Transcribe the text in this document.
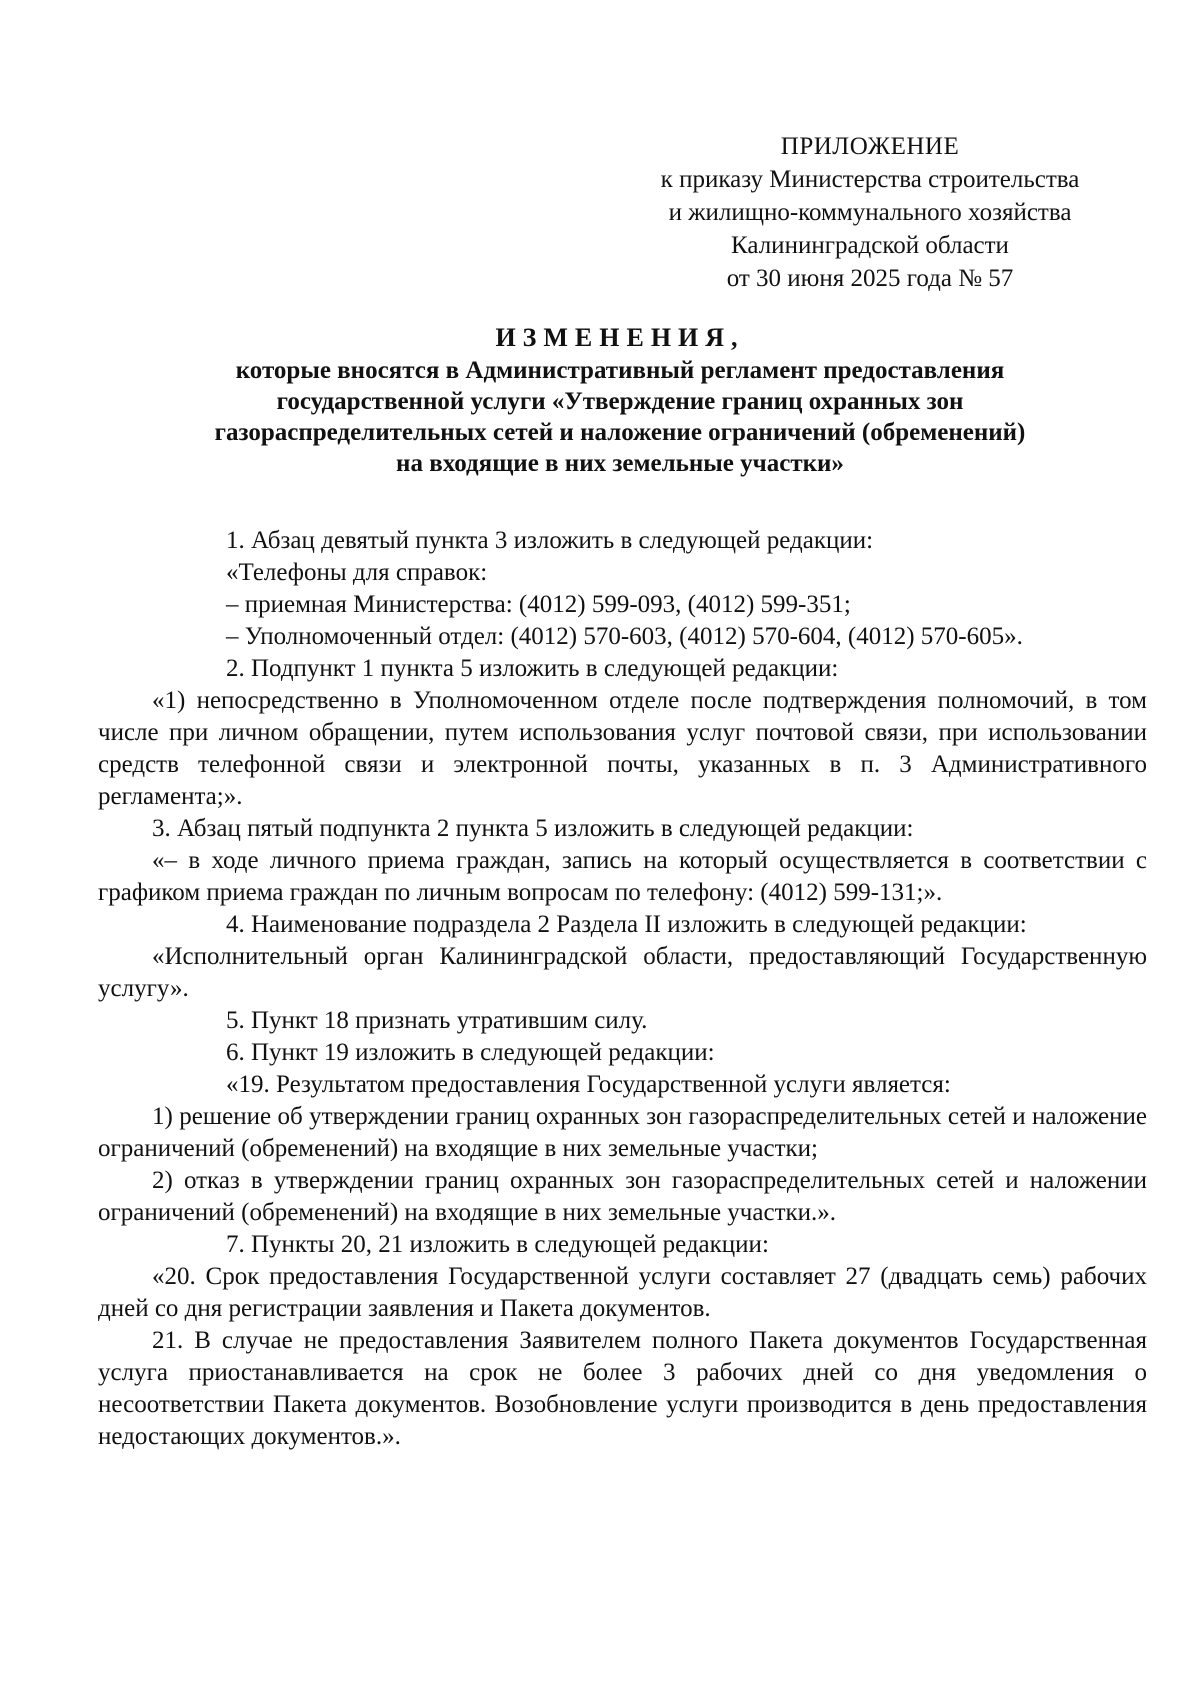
ПРИЛОЖЕНИЕ
к приказу Министерства строительства
и жилищно-коммунального хозяйства
Калининградской области
от 30 июня 2025 года № 57
ИЗМЕНЕНИЯ,
которые вносятся в Административный регламент предоставления
государственной услуги «Утверждение границ охранных зон
газораспределительных сетей и наложение ограничений (обременений)
на входящие в них земельные участки»

1. Абзац девятый пункта 3 изложить в следующей редакции:

«Телефоны для справок:

– приемная Министерства: (4012) 599-093, (4012) 599-351;

– Уполномоченный отдел: (4012) 570-603, (4012) 570-604, (4012) 570-605».

2. Подпункт 1 пункта 5 изложить в следующей редакции:

«1) непосредственно в Уполномоченном отделе после подтверждения полномочий, в том числе при личном обращении, путем использования услуг почтовой связи, при использовании средств телефонной связи и электронной почты, указанных в п. 3 Административного регламента;».

3. Абзац пятый подпункта 2 пункта 5 изложить в следующей редакции:

«– в ходе личного приема граждан, запись на который осуществляется в соответствии с графиком приема граждан по личным вопросам по телефону: (4012) 599-131;».

4. Наименование подраздела 2 Раздела II изложить в следующей редакции:

«Исполнительный орган Калининградской области, предоставляющий Государственную услугу».

5. Пункт 18 признать утратившим силу.

6. Пункт 19 изложить в следующей редакции:

«19. Результатом предоставления Государственной услуги является:

1) решение об утверждении границ охранных зон газораспределительных сетей и наложение ограничений (обременений) на входящие в них земельные участки;

2) отказ в утверждении границ охранных зон газораспределительных сетей и наложении ограничений (обременений) на входящие в них земельные участки.».

7. Пункты 20, 21 изложить в следующей редакции:

«20. Срок предоставления Государственной услуги составляет 27 (двадцать семь) рабочих дней со дня регистрации заявления и Пакета документов.

21. В случае не предоставления Заявителем полного Пакета документов Государственная услуга приостанавливается на срок не более 3 рабочих дней со дня уведомления о несоответствии Пакета документов. Возобновление услуги производится в день предоставления недостающих документов.».
